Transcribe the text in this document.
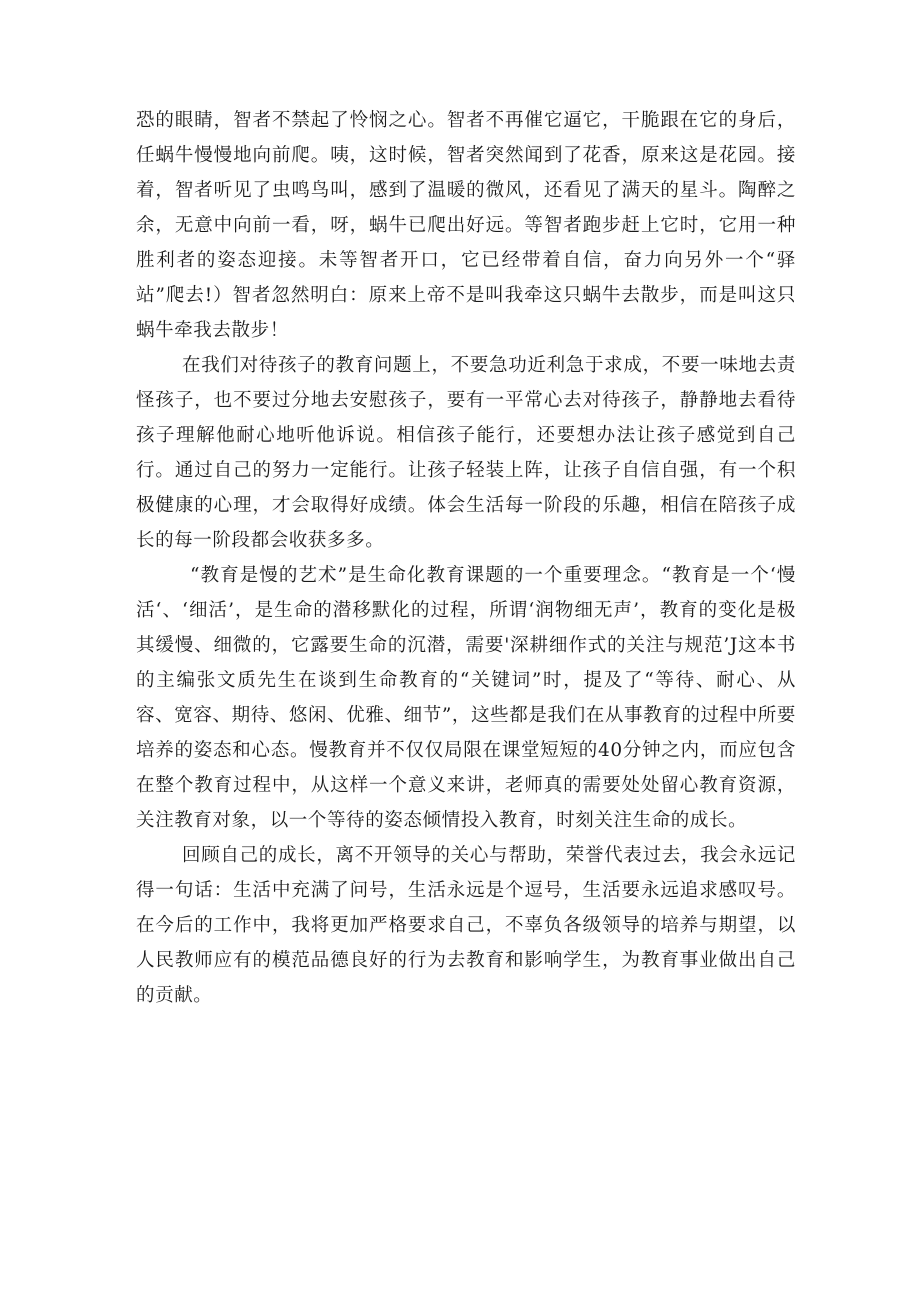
恐的眼睛，智者不禁起了怜悯之心。智者不再催它逼它，干脆跟在它的身后，任蜗牛慢慢地向前爬。咦，这时候，智者突然闻到了花香，原来这是花园。接着，智者听见了虫鸣鸟叫，感到了温暖的微风，还看见了满天的星斗。陶醉之余，无意中向前一看，呀，蜗牛已爬出好远。等智者跑步赶上它时，它用一种胜利者的姿态迎接。未等智者开口，它已经带着自信，奋力向另外一个“驿站”爬去!）智者忽然明白：原来上帝不是叫我牵这只蜗牛去散步，而是叫这只蜗牛牵我去散步！

在我们对待孩子的教育问题上，不要急功近利急于求成，不要一味地去责怪孩子，也不要过分地去安慰孩子，要有一平常心去对待孩子，静静地去看待孩子理解他耐心地听他诉说。相信孩子能行，还要想办法让孩子感觉到自己行。通过自己的努力一定能行。让孩子轻装上阵，让孩子自信自强，有一个积极健康的心理，才会取得好成绩。体会生活每一阶段的乐趣，相信在陪孩子成长的每一阶段都会收获多多。

“教育是慢的艺术”是生命化教育课题的一个重要理念。“教育是一个‘慢活‘、‘细活’，是生命的潜移默化的过程，所谓‘润物细无声’，教育的变化是极其缓慢、细微的，它露要生命的沉潜，需要'深耕细作式的关注与规范’J这本书的主编张文质先生在谈到生命教育的“关键词”时，提及了“等待、耐心、从容、宽容、期待、悠闲、优雅、细节”，这些都是我们在从事教育的过程中所要培养的姿态和心态。慢教育并不仅仅局限在课堂短短的40分钟之内，而应包含在整个教育过程中，从这样一个意义来讲，老师真的需要处处留心教育资源，关注教育对象，以一个等待的姿态倾情投入教育，时刻关注生命的成长。

回顾自己的成长，离不开领导的关心与帮助，荣誉代表过去，我会永远记得一句话：生活中充满了问号，生活永远是个逗号，生活要永远追求感叹号。在今后的工作中，我将更加严格要求自己，不辜负各级领导的培养与期望，以人民教师应有的模范品德良好的行为去教育和影响学生，为教育事业做出自己的贡献。
